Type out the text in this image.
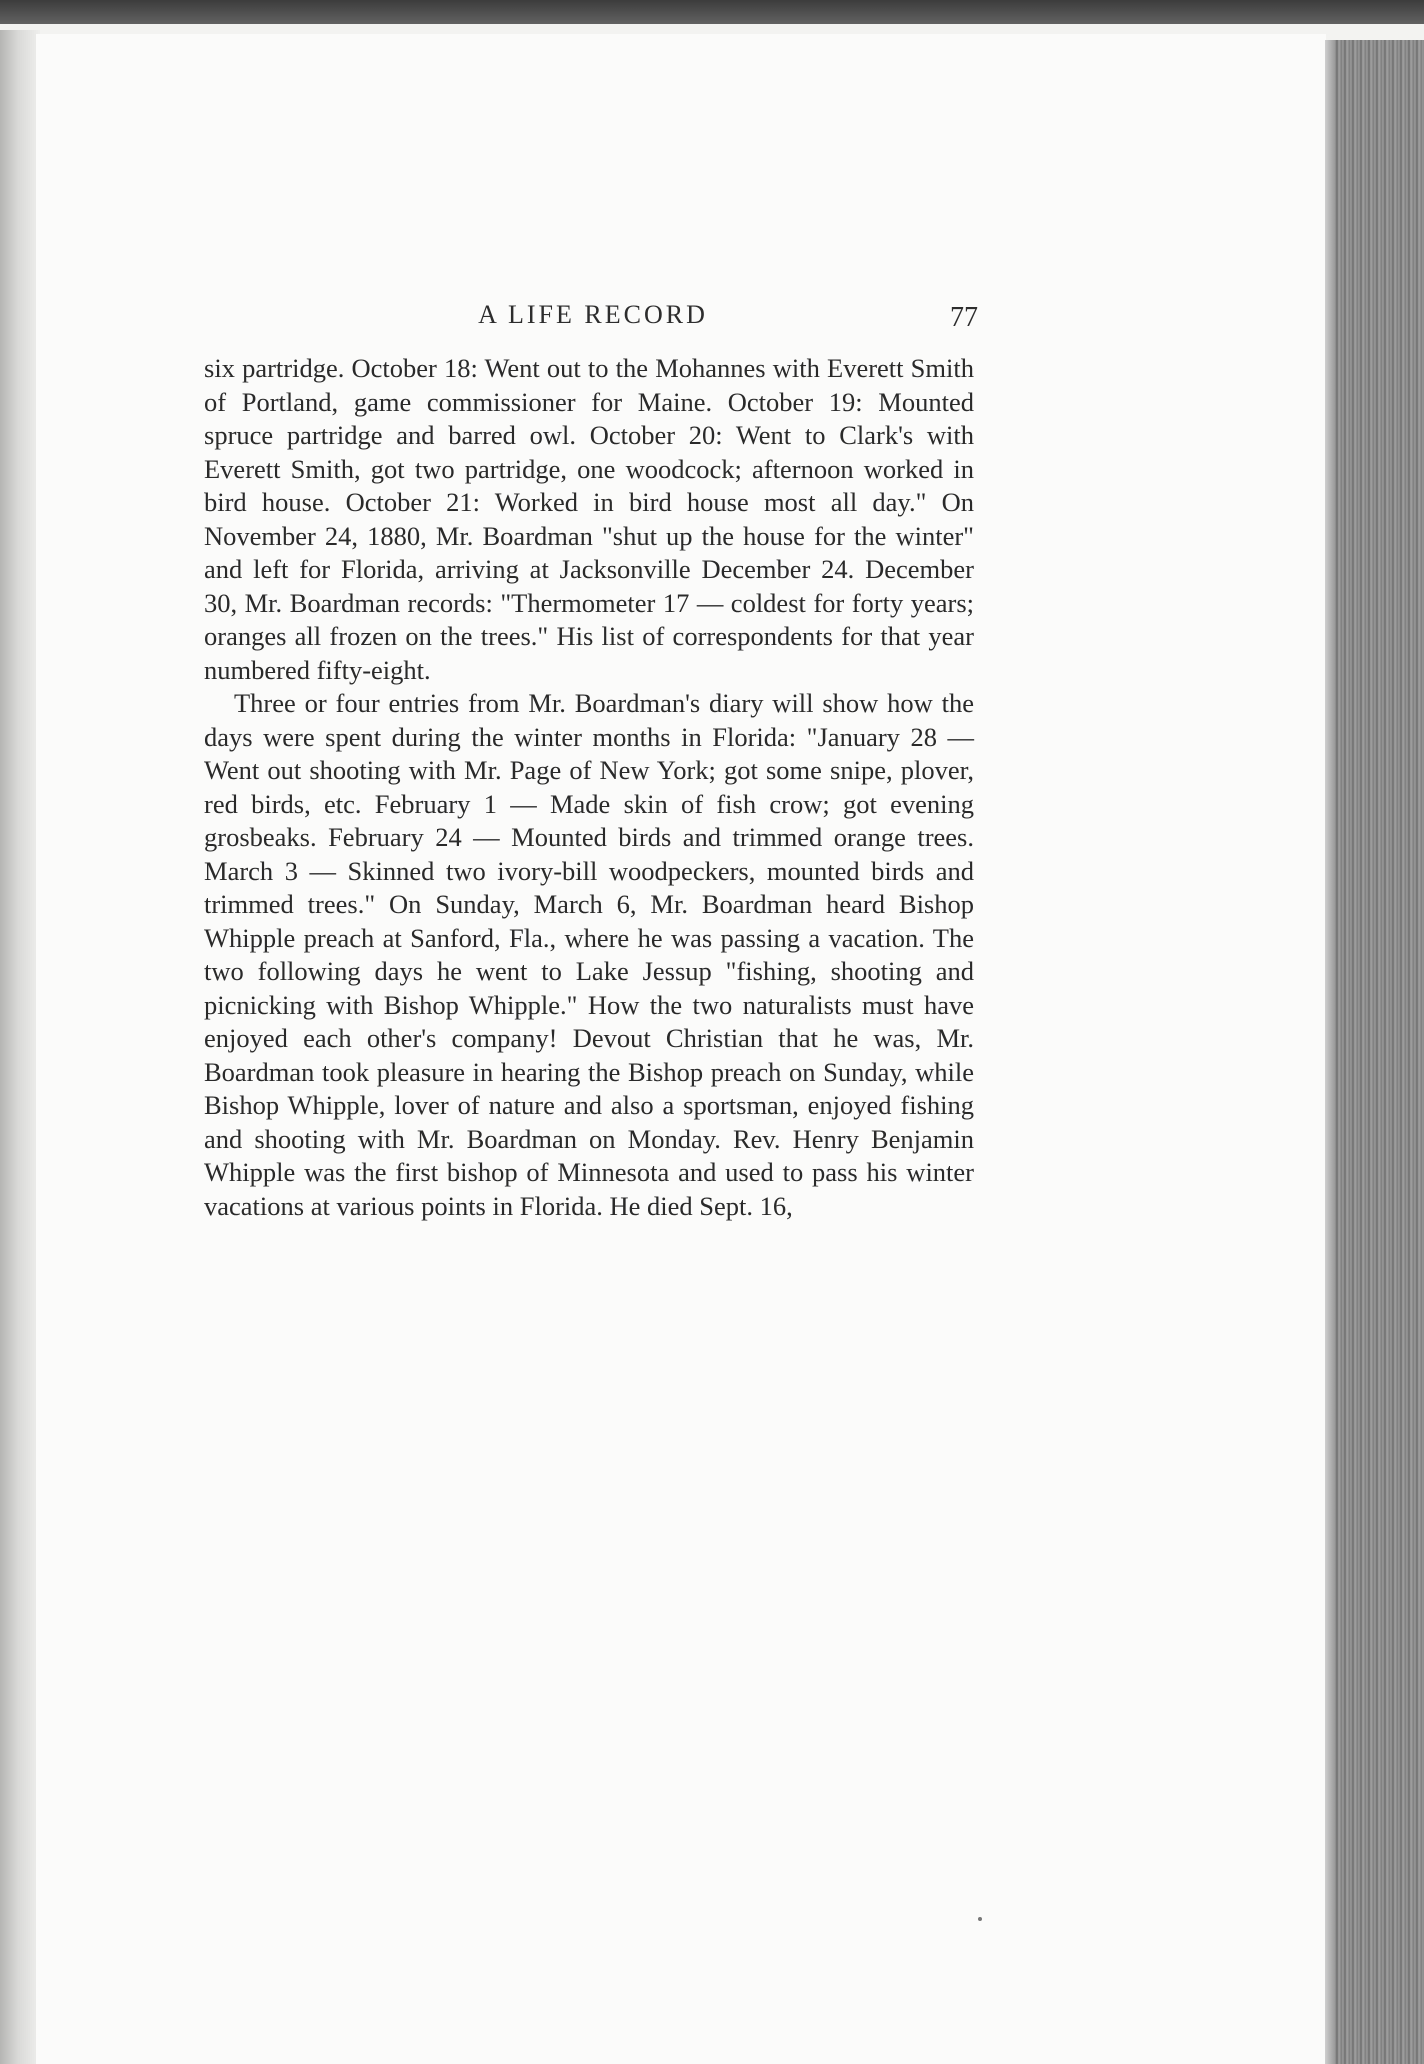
A LIFE RECORD	77

six partridge. October 18: Went out to the Mohannes with Everett Smith of Portland, game commissioner for Maine. October 19: Mounted spruce partridge and barred owl. October 20: Went to Clark's with Everett Smith, got two partridge, one woodcock; afternoon worked in bird house. October 21: Worked in bird house most all day." On November 24, 1880, Mr. Boardman "shut up the house for the winter" and left for Florida, arriving at Jacksonville December 24. December 30, Mr. Boardman records: "Thermometer 17 — coldest for forty years; oranges all frozen on the trees." His list of correspondents for that year numbered fifty-eight.

Three or four entries from Mr. Boardman's diary will show how the days were spent during the winter months in Florida: "January 28 — Went out shooting with Mr. Page of New York; got some snipe, plover, red birds, etc. February 1 — Made skin of fish crow; got evening grosbeaks. February 24 — Mounted birds and trimmed orange trees. March 3 — Skinned two ivory-bill woodpeckers, mounted birds and trimmed trees." On Sunday, March 6, Mr. Boardman heard Bishop Whipple preach at Sanford, Fla., where he was passing a vacation. The two following days he went to Lake Jessup "fishing, shooting and picnicking with Bishop Whipple." How the two naturalists must have enjoyed each other's company! Devout Christian that he was, Mr. Boardman took pleasure in hearing the Bishop preach on Sunday, while Bishop Whipple, lover of nature and also a sportsman, enjoyed fishing and shooting with Mr. Boardman on Monday. Rev. Henry Benjamin Whipple was the first bishop of Minnesota and used to pass his winter vacations at various points in Florida. He died Sept. 16,
